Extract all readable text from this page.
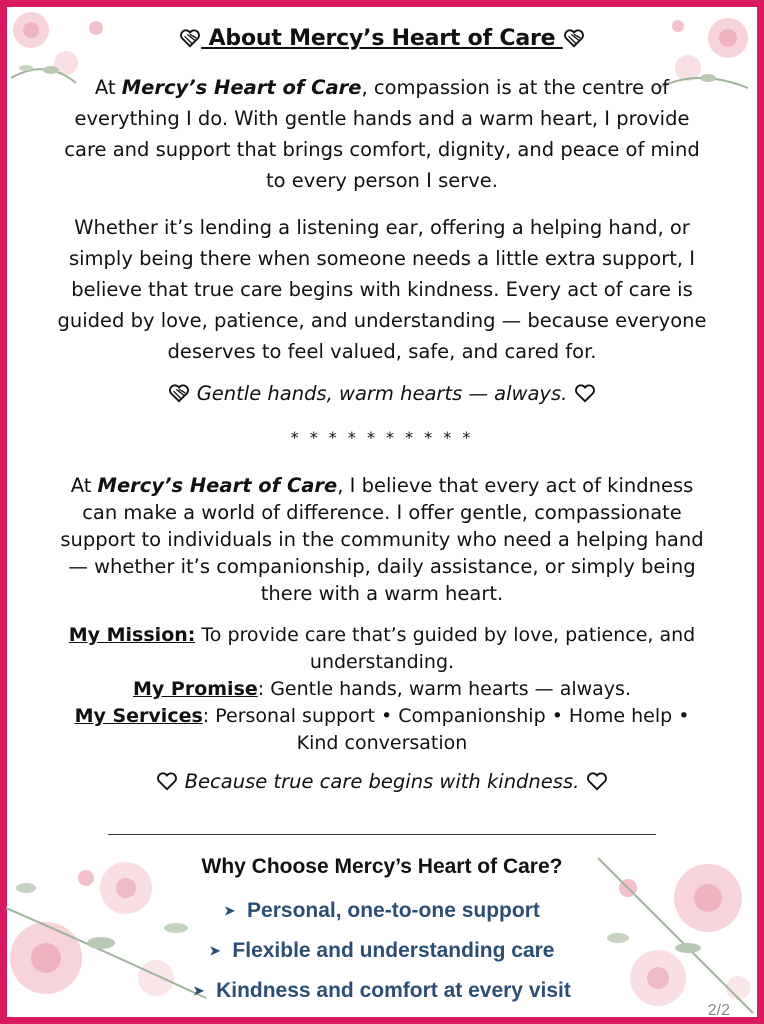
About Mercy’s Heart of Care
At Mercy’s Heart of Care, compassion is at the centre of everything I do. With gentle hands and a warm heart, I provide care and support that brings comfort, dignity, and peace of mind to every person I serve.
Whether it’s lending a listening ear, offering a helping hand, or simply being there when someone needs a little extra support, I believe that true care begins with kindness. Every act of care is guided by love, patience, and understanding — because everyone deserves to feel valued, safe, and cared for.
Gentle hands, warm hearts — always.
* * * * * * * * * *
At Mercy’s Heart of Care, I believe that every act of kindness can make a world of difference. I offer gentle, compassionate support to individuals in the community who need a helping hand — whether it’s companionship, daily assistance, or simply being there with a warm heart.
My Mission: To provide care that’s guided by love, patience, and understanding.
My Promise: Gentle hands, warm hearts — always.
My Services: Personal support • Companionship • Home help • Kind conversation
Because true care begins with kindness.
Why Choose Mercy’s Heart of Care?
➤ Personal, one-to-one support
➤ Flexible and understanding care
➤ Kindness and comfort at every visit
2/2
